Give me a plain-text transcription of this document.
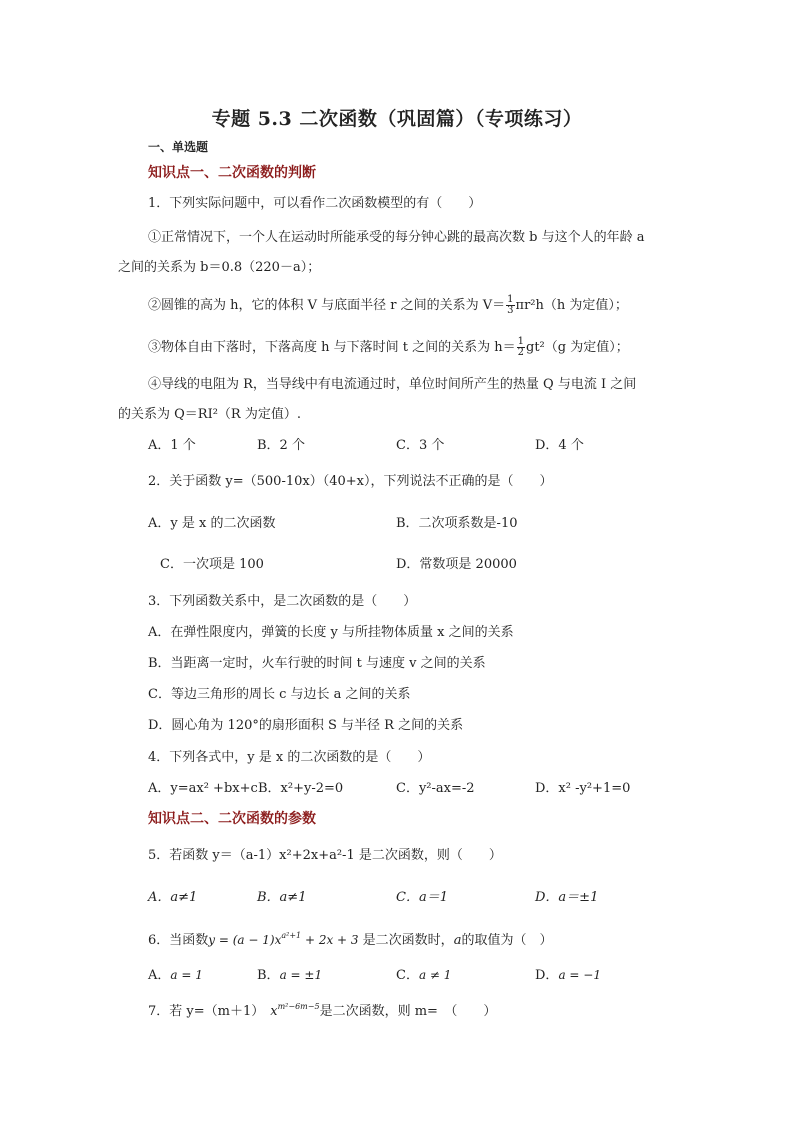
专题 5.3 二次函数（巩固篇）（专项练习）
一、单选题
知识点一、二次函数的判断
1．下列实际问题中，可以看作二次函数模型的有（　　）
①正常情况下，一个人在运动时所能承受的每分钟心跳的最高次数 b 与这个人的年龄 a
之间的关系为 b＝0.8（220－a）；
②圆锥的高为 h，它的体积 V 与底面半径 r 之间的关系为 $V= \frac{1}{3} \pi r^2h(h$ 为定值）；
③物体自由下落时，下落高度 h 与下落时间 t 之间的关系为 $h= \frac{1}{2} gt^2(g$ 为定值）；
④导线的电阻为 R，当导线中有电流通过时，单位时间所产生的热量 Q 与电流 I 之间
的关系为 Q＝RI²（R 为定值）.
A．1 个	B．2 个	C．3 个	D．4 个
2．关于函数 y=（500-10x）（40+x），下列说法不正确的是（　　）
A．y 是 x 的二次函数	B．二次项系数是-10
C．一次项是 100	D．常数项是 20000
3．下列函数关系中，是二次函数的是（　　）
A．在弹性限度内，弹簧的长度 y 与所挂物体质量 x 之间的关系
B．当距离一定时，火车行驶的时间 t 与速度 v 之间的关系
C．等边三角形的周长 c 与边长 a 之间的关系
D．圆心角为 120°的扇形面积 S 与半径 R 之间的关系
4．下列各式中，y 是 x 的二次函数的是（　　）
A．y=ax² +bx+c B．x²+y-2=0	C．y²-ax=-2	D．x² -y²+1=0
知识点二、二次函数的参数
5．若函数 y＝（a-1）x²+2x+a²-1 是二次函数，则（　　）
A．a≠1	B．a≠1	C．a＝1	D．a＝±1
6．当函数$y = (a - 1)x^{a^2+1} + 2x + 3$ 是二次函数时，a的取值为（　）
A．a = 1	B．a = ±1	C．a ≠ 1	D．a = −1
7．若 y=（m＋1） $x^{m^2-6m-5}$是二次函数，则 m=　（　　）
